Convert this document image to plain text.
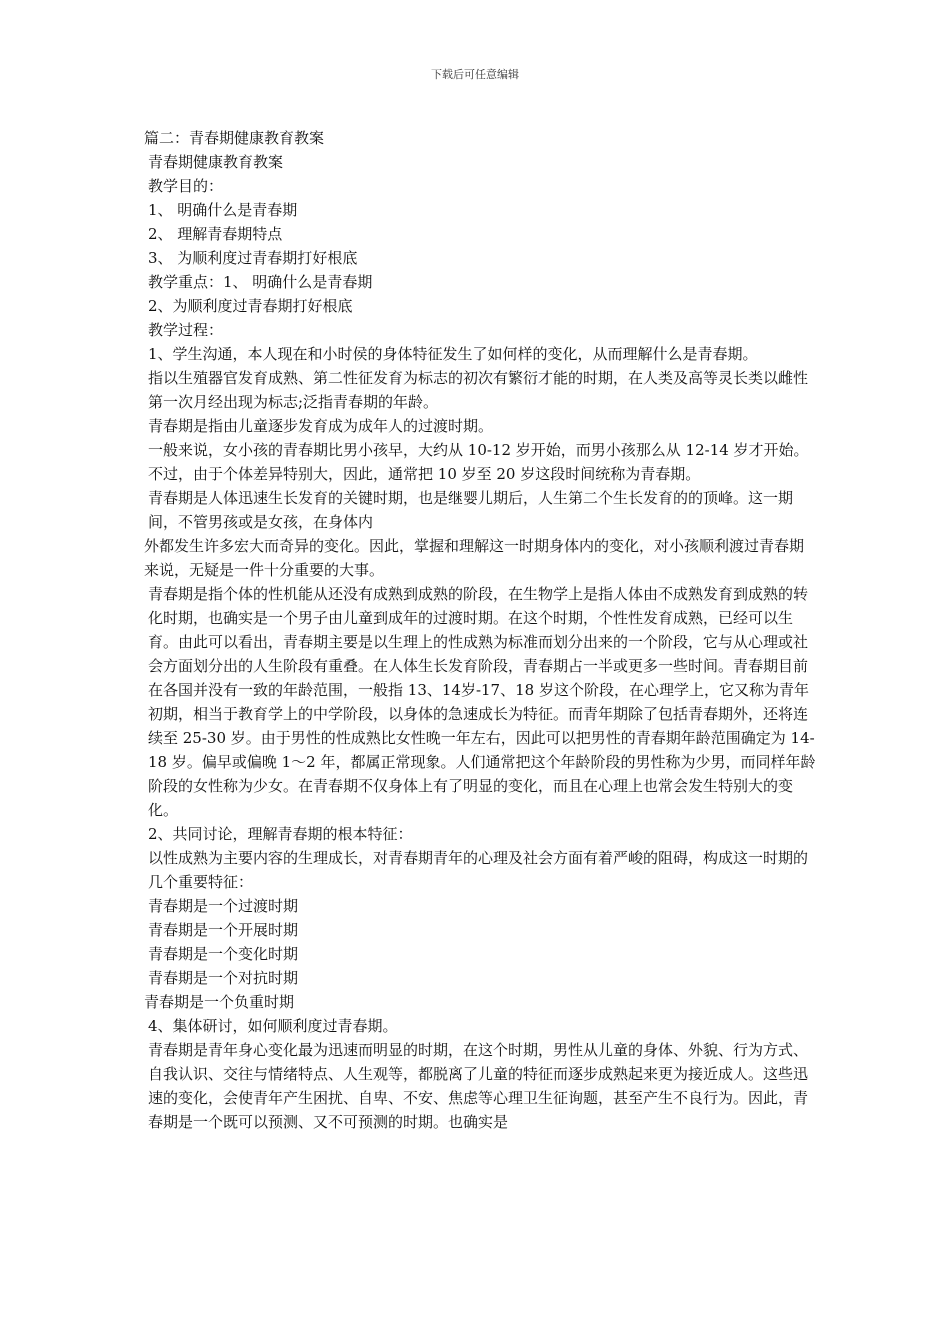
下载后可任意编辑

篇二：青春期健康教育教案

青春期健康教育教案

教学目的：

1、 明确什么是青春期

2、 理解青春期特点

3、 为顺利度过青春期打好根底

教学重点：1、 明确什么是青春期

2、为顺利度过青春期打好根底

教学过程：

1、学生沟通，本人现在和小时侯的身体特征发生了如何样的变化，从而理解什么是青春期。

指以生殖器官发育成熟、第二性征发育为标志的初次有繁衍才能的时期，在人类及高等灵长类以雌性第一次月经出现为标志;泛指青春期的年龄。

青春期是指由儿童逐步发育成为成年人的过渡时期。

一般来说，女小孩的青春期比男小孩早，大约从 10-12 岁开始，而男小孩那么从 12-14 岁才开始。不过，由于个体差异特别大，因此，通常把 10 岁至 20 岁这段时间统称为青春期。

青春期是人体迅速生长发育的关键时期，也是继婴儿期后，人生第二个生长发育的的顶峰。这一期间，不管男孩或是女孩，在身体内

外都发生许多宏大而奇异的变化。因此，掌握和理解这一时期身体内的变化，对小孩顺利渡过青春期来说，无疑是一件十分重要的大事。

青春期是指个体的性机能从还没有成熟到成熟的阶段，在生物学上是指人体由不成熟发育到成熟的转化时期，也确实是一个男子由儿童到成年的过渡时期。在这个时期，个性性发育成熟，已经可以生育。由此可以看出，青春期主要是以生理上的性成熟为标准而划分出来的一个阶段，它与从心理或社会方面划分出的人生阶段有重叠。在人体生长发育阶段，青春期占一半或更多一些时间。青春期目前在各国并没有一致的年龄范围，一般指 13、14岁-17、18 岁这个阶段，在心理学上，它又称为青年初期，相当于教育学上的中学阶段，以身体的急速成长为特征。而青年期除了包括青春期外，还将连续至 25-30 岁。由于男性的性成熟比女性晚一年左右，因此可以把男性的青春期年龄范围确定为 14-18 岁。偏早或偏晚 1～2 年，都属正常现象。人们通常把这个年龄阶段的男性称为少男，而同样年龄阶段的女性称为少女。在青春期不仅身体上有了明显的变化，而且在心理上也常会发生特别大的变化。

2、共同讨论，理解青春期的根本特征：

以性成熟为主要内容的生理成长，对青春期青年的心理及社会方面有着严峻的阻碍，构成这一时期的几个重要特征：

青春期是一个过渡时期

青春期是一个开展时期

青春期是一个变化时期

青春期是一个对抗时期

青春期是一个负重时期

4、集体研讨，如何顺利度过青春期。

青春期是青年身心变化最为迅速而明显的时期，在这个时期，男性从儿童的身体、外貌、行为方式、自我认识、交往与情绪特点、人生观等，都脱离了儿童的特征而逐步成熟起来更为接近成人。这些迅速的变化，会使青年产生困扰、自卑、不安、焦虑等心理卫生征询题，甚至产生不良行为。因此，青春期是一个既可以预测、又不可预测的时期。也确实是
